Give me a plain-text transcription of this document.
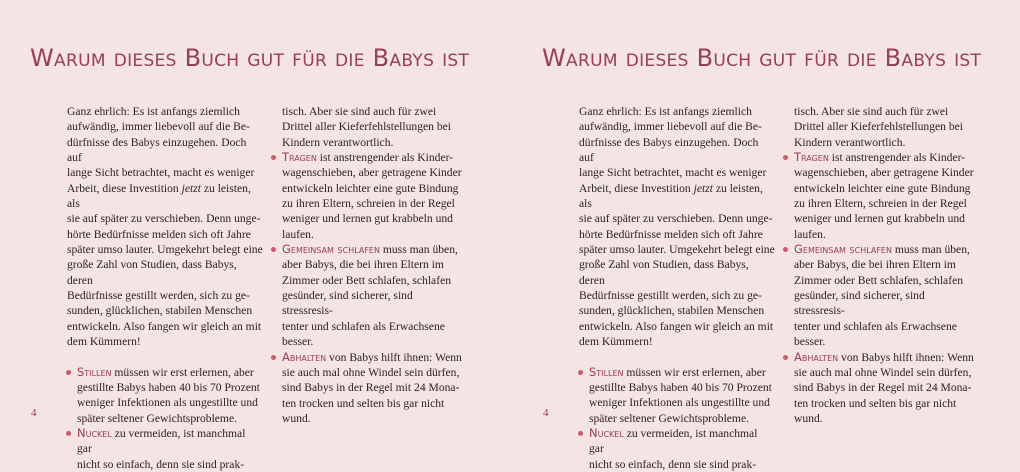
Warum dieses Buch gut für die Babys ist

Ganz ehrlich: Es ist anfangs ziemlich
aufwändig, immer liebevoll auf die Be-
dürfnisse des Babys einzugehen. Doch auf
lange Sicht betrachtet, macht es weniger
Arbeit, diese Investition jetzt zu leisten, als
sie auf später zu verschieben. Denn unge-
hörte Bedürfnisse melden sich oft Jahre
später umso lauter. Umgekehrt belegt eine
große Zahl von Studien, dass Babys, deren
Bedürfnisse gestillt werden, sich zu ge-
sunden, glücklichen, stabilen Menschen
entwickeln. Also fangen wir gleich an mit
dem Kümmern!

Stillen müssen wir erst erlernen, aber
gestillte Babys haben 40 bis 70 Prozent
weniger Infektionen als ungestillte und
später seltener Gewichtsprobleme.
Nuckel zu vermeiden, ist manchmal gar
nicht so einfach, denn sie sind prak-

tisch. Aber sie sind auch für zwei
Drittel aller Kieferfehlstellungen bei
Kindern verantwortlich.

Tragen ist anstrengender als Kinder-
wagenschieben, aber getragene Kinder
entwickeln leichter eine gute Bindung
zu ihren Eltern, schreien in der Regel
weniger und lernen gut krabbeln und
laufen.
Gemeinsam schlafen muss man üben,
aber Babys, die bei ihren Eltern im
Zimmer oder Bett schlafen, schlafen
gesünder, sind sicherer, sind stressresis-
tenter und schlafen als Erwachsene
besser.
Abhalten von Babys hilft ihnen: Wenn
sie auch mal ohne Windel sein dürfen,
sind Babys in der Regel mit 24 Mona-
ten trocken und selten bis gar nicht
wund.
4
Warum dieses Buch gut für die Babys ist

Ganz ehrlich: Es ist anfangs ziemlich
aufwändig, immer liebevoll auf die Be-
dürfnisse des Babys einzugehen. Doch auf
lange Sicht betrachtet, macht es weniger
Arbeit, diese Investition jetzt zu leisten, als
sie auf später zu verschieben. Denn unge-
hörte Bedürfnisse melden sich oft Jahre
später umso lauter. Umgekehrt belegt eine
große Zahl von Studien, dass Babys, deren
Bedürfnisse gestillt werden, sich zu ge-
sunden, glücklichen, stabilen Menschen
entwickeln. Also fangen wir gleich an mit
dem Kümmern!

Stillen müssen wir erst erlernen, aber
gestillte Babys haben 40 bis 70 Prozent
weniger Infektionen als ungestillte und
später seltener Gewichtsprobleme.
Nuckel zu vermeiden, ist manchmal gar
nicht so einfach, denn sie sind prak-

tisch. Aber sie sind auch für zwei
Drittel aller Kieferfehlstellungen bei
Kindern verantwortlich.

Tragen ist anstrengender als Kinder-
wagenschieben, aber getragene Kinder
entwickeln leichter eine gute Bindung
zu ihren Eltern, schreien in der Regel
weniger und lernen gut krabbeln und
laufen.
Gemeinsam schlafen muss man üben,
aber Babys, die bei ihren Eltern im
Zimmer oder Bett schlafen, schlafen
gesünder, sind sicherer, sind stressresis-
tenter und schlafen als Erwachsene
besser.
Abhalten von Babys hilft ihnen: Wenn
sie auch mal ohne Windel sein dürfen,
sind Babys in der Regel mit 24 Mona-
ten trocken und selten bis gar nicht
wund.
4
